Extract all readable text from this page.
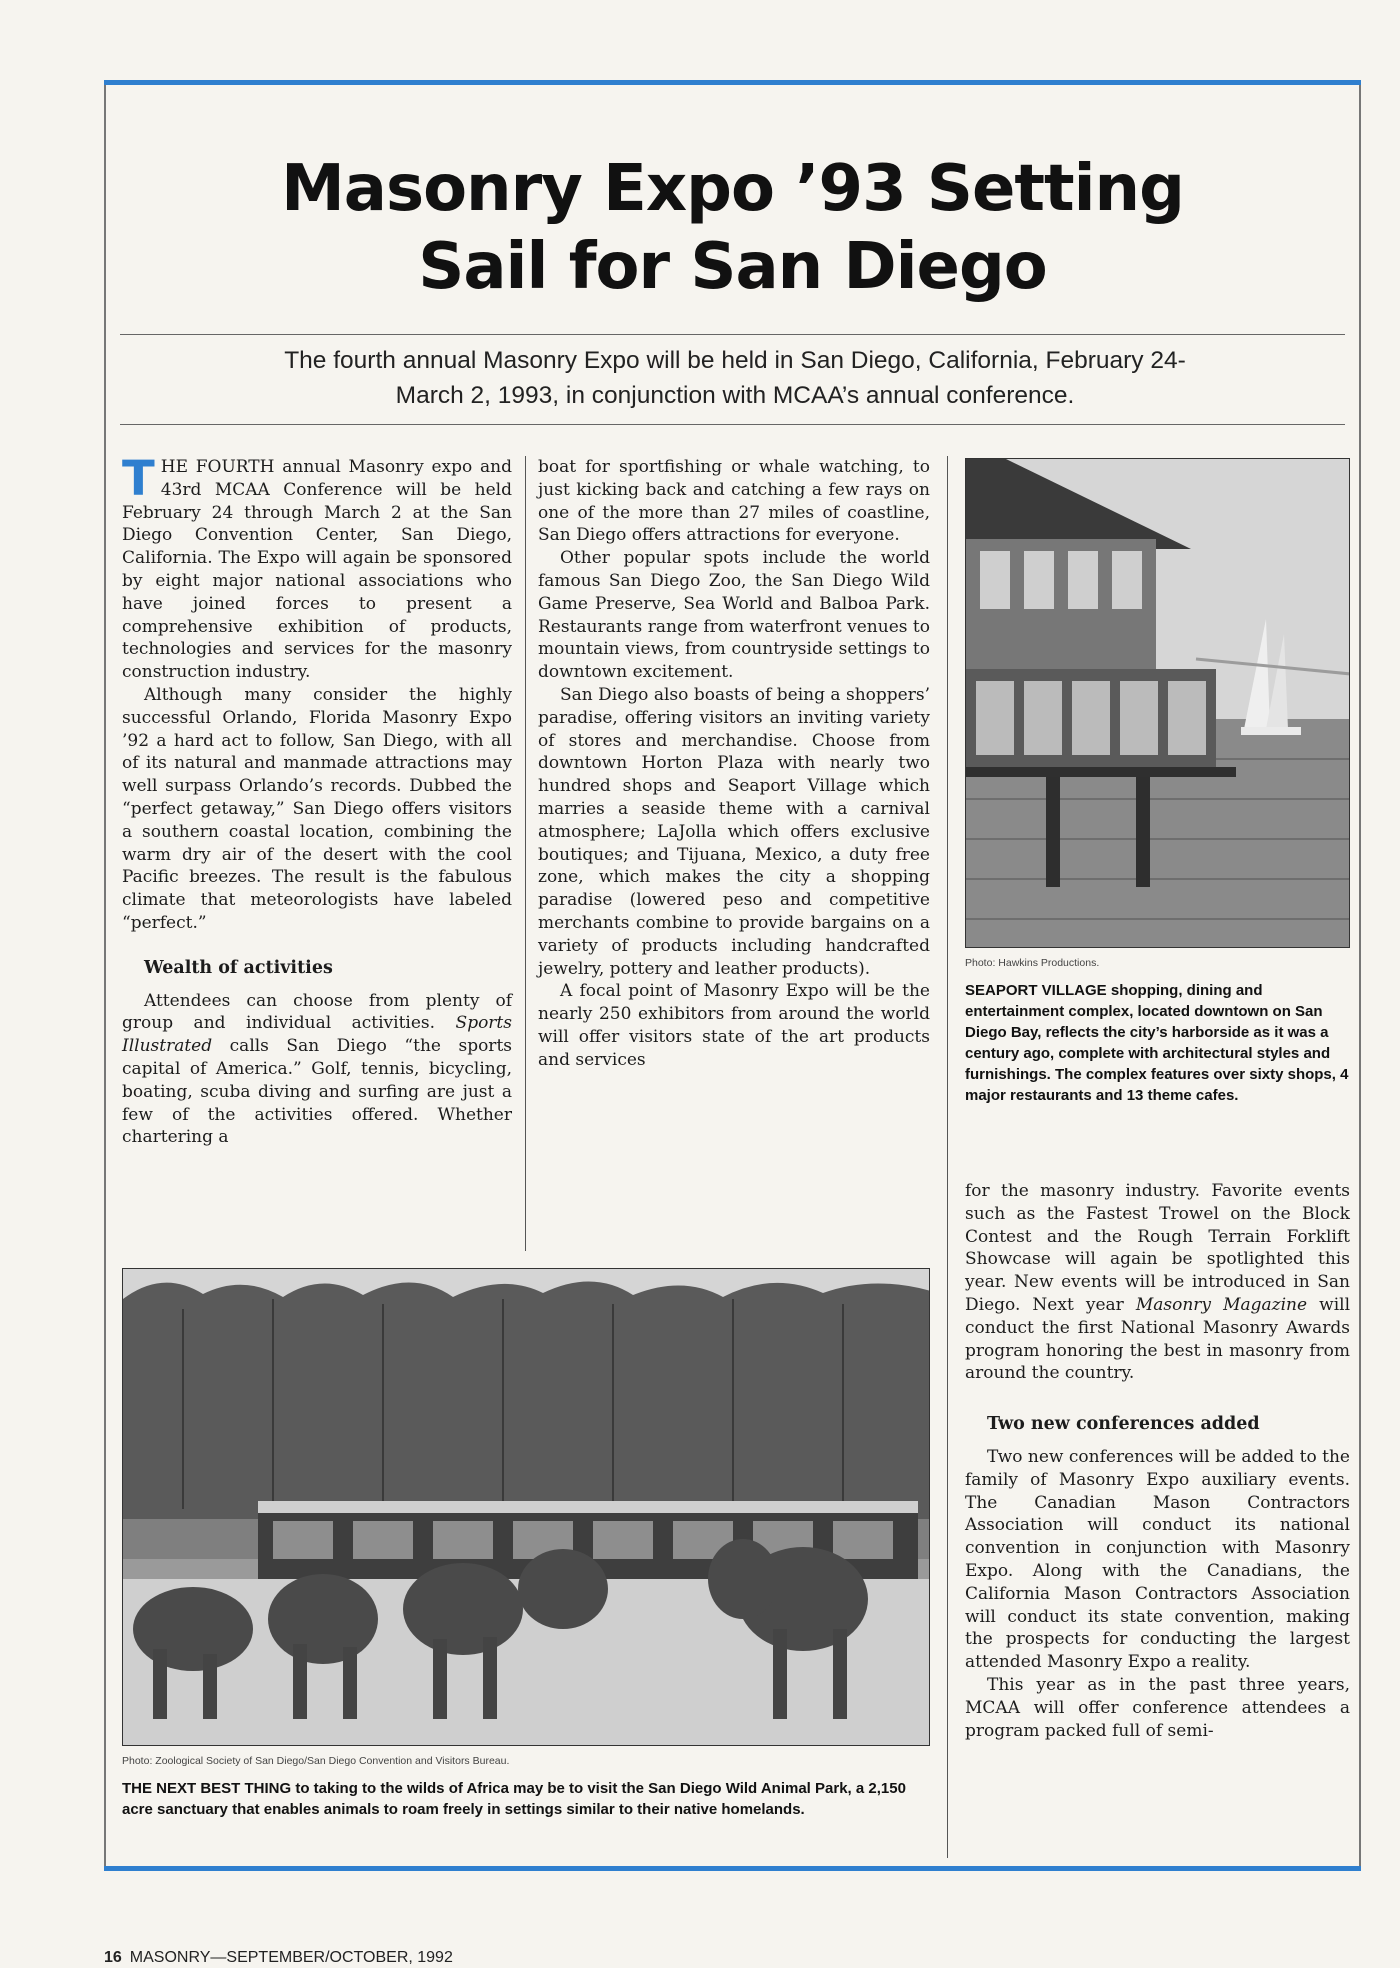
Masonry Expo ’93 Setting
Sail for San Diego
The fourth annual Masonry Expo will be held in San Diego, California, February 24-
March 2, 1993, in conjunction with MCAA’s annual conference.

THE FOURTH annual Masonry expo and 43rd MCAA Conference will be held February 24 through March 2 at the San Diego Convention Center, San Diego, California. The Expo will again be sponsored by eight major national associations who have joined forces to present a comprehensive exhibition of products, technologies and services for the masonry construction industry.

Although many consider the highly successful Orlando, Florida Masonry Expo ’92 a hard act to follow, San Diego, with all of its natural and manmade attractions may well surpass Orlando’s records. Dubbed the “perfect getaway,” San Diego offers visitors a southern coastal location, combining the warm dry air of the desert with the cool Pacific breezes. The result is the fabulous climate that meteorologists have labeled “perfect.”

Wealth of activities

Attendees can choose from plenty of group and individual activities. Sports Illustrated calls San Diego “the sports capital of America.” Golf, tennis, bicycling, boating, scuba diving and surfing are just a few of the activities offered. Whether chartering a

boat for sportfishing or whale watching, to just kicking back and catching a few rays on one of the more than 27 miles of coastline, San Diego offers attractions for everyone.

Other popular spots include the world famous San Diego Zoo, the San Diego Wild Game Preserve, Sea World and Balboa Park. Restaurants range from waterfront venues to mountain views, from countryside settings to downtown excitement.

San Diego also boasts of being a shoppers’ paradise, offering visitors an inviting variety of stores and merchandise. Choose from downtown Horton Plaza with nearly two hundred shops and Seaport Village which marries a seaside theme with a carnival atmosphere; LaJolla which offers exclusive boutiques; and Tijuana, Mexico, a duty free zone, which makes the city a shopping paradise (lowered peso and competitive merchants combine to provide bargains on a variety of products including handcrafted jewelry, pottery and leather products).

A focal point of Masonry Expo will be the nearly 250 exhibitors from around the world will offer visitors state of the art products and services

Photo: Hawkins Productions.
SEAPORT VILLAGE shopping, dining and entertainment complex, located downtown on San Diego Bay, reflects the city’s harborside as it was a century ago, complete with architectural styles and furnishings. The complex features over sixty shops, 4 major restaurants and 13 theme cafes.

for the masonry industry. Favorite events such as the Fastest Trowel on the Block Contest and the Rough Terrain Forklift Showcase will again be spotlighted this year. New events will be introduced in San Diego. Next year Masonry Magazine will conduct the first National Masonry Awards program honoring the best in masonry from around the country.

Two new conferences added

Two new conferences will be added to the family of Masonry Expo auxiliary events. The Canadian Mason Contractors Association will conduct its national convention in conjunction with Masonry Expo. Along with the Canadians, the California Mason Contractors Association will conduct its state convention, making the prospects for conducting the largest attended Masonry Expo a reality.

This year as in the past three years, MCAA will offer conference attendees a program packed full of semi-

Photo: Zoological Society of San Diego/San Diego Convention and Visitors Bureau.
THE NEXT BEST THING to taking to the wilds of Africa may be to visit the San Diego Wild Animal Park, a 2,150 acre sanctuary that enables animals to roam freely in settings similar to their native homelands.
16 MASONRY—SEPTEMBER/OCTOBER, 1992
